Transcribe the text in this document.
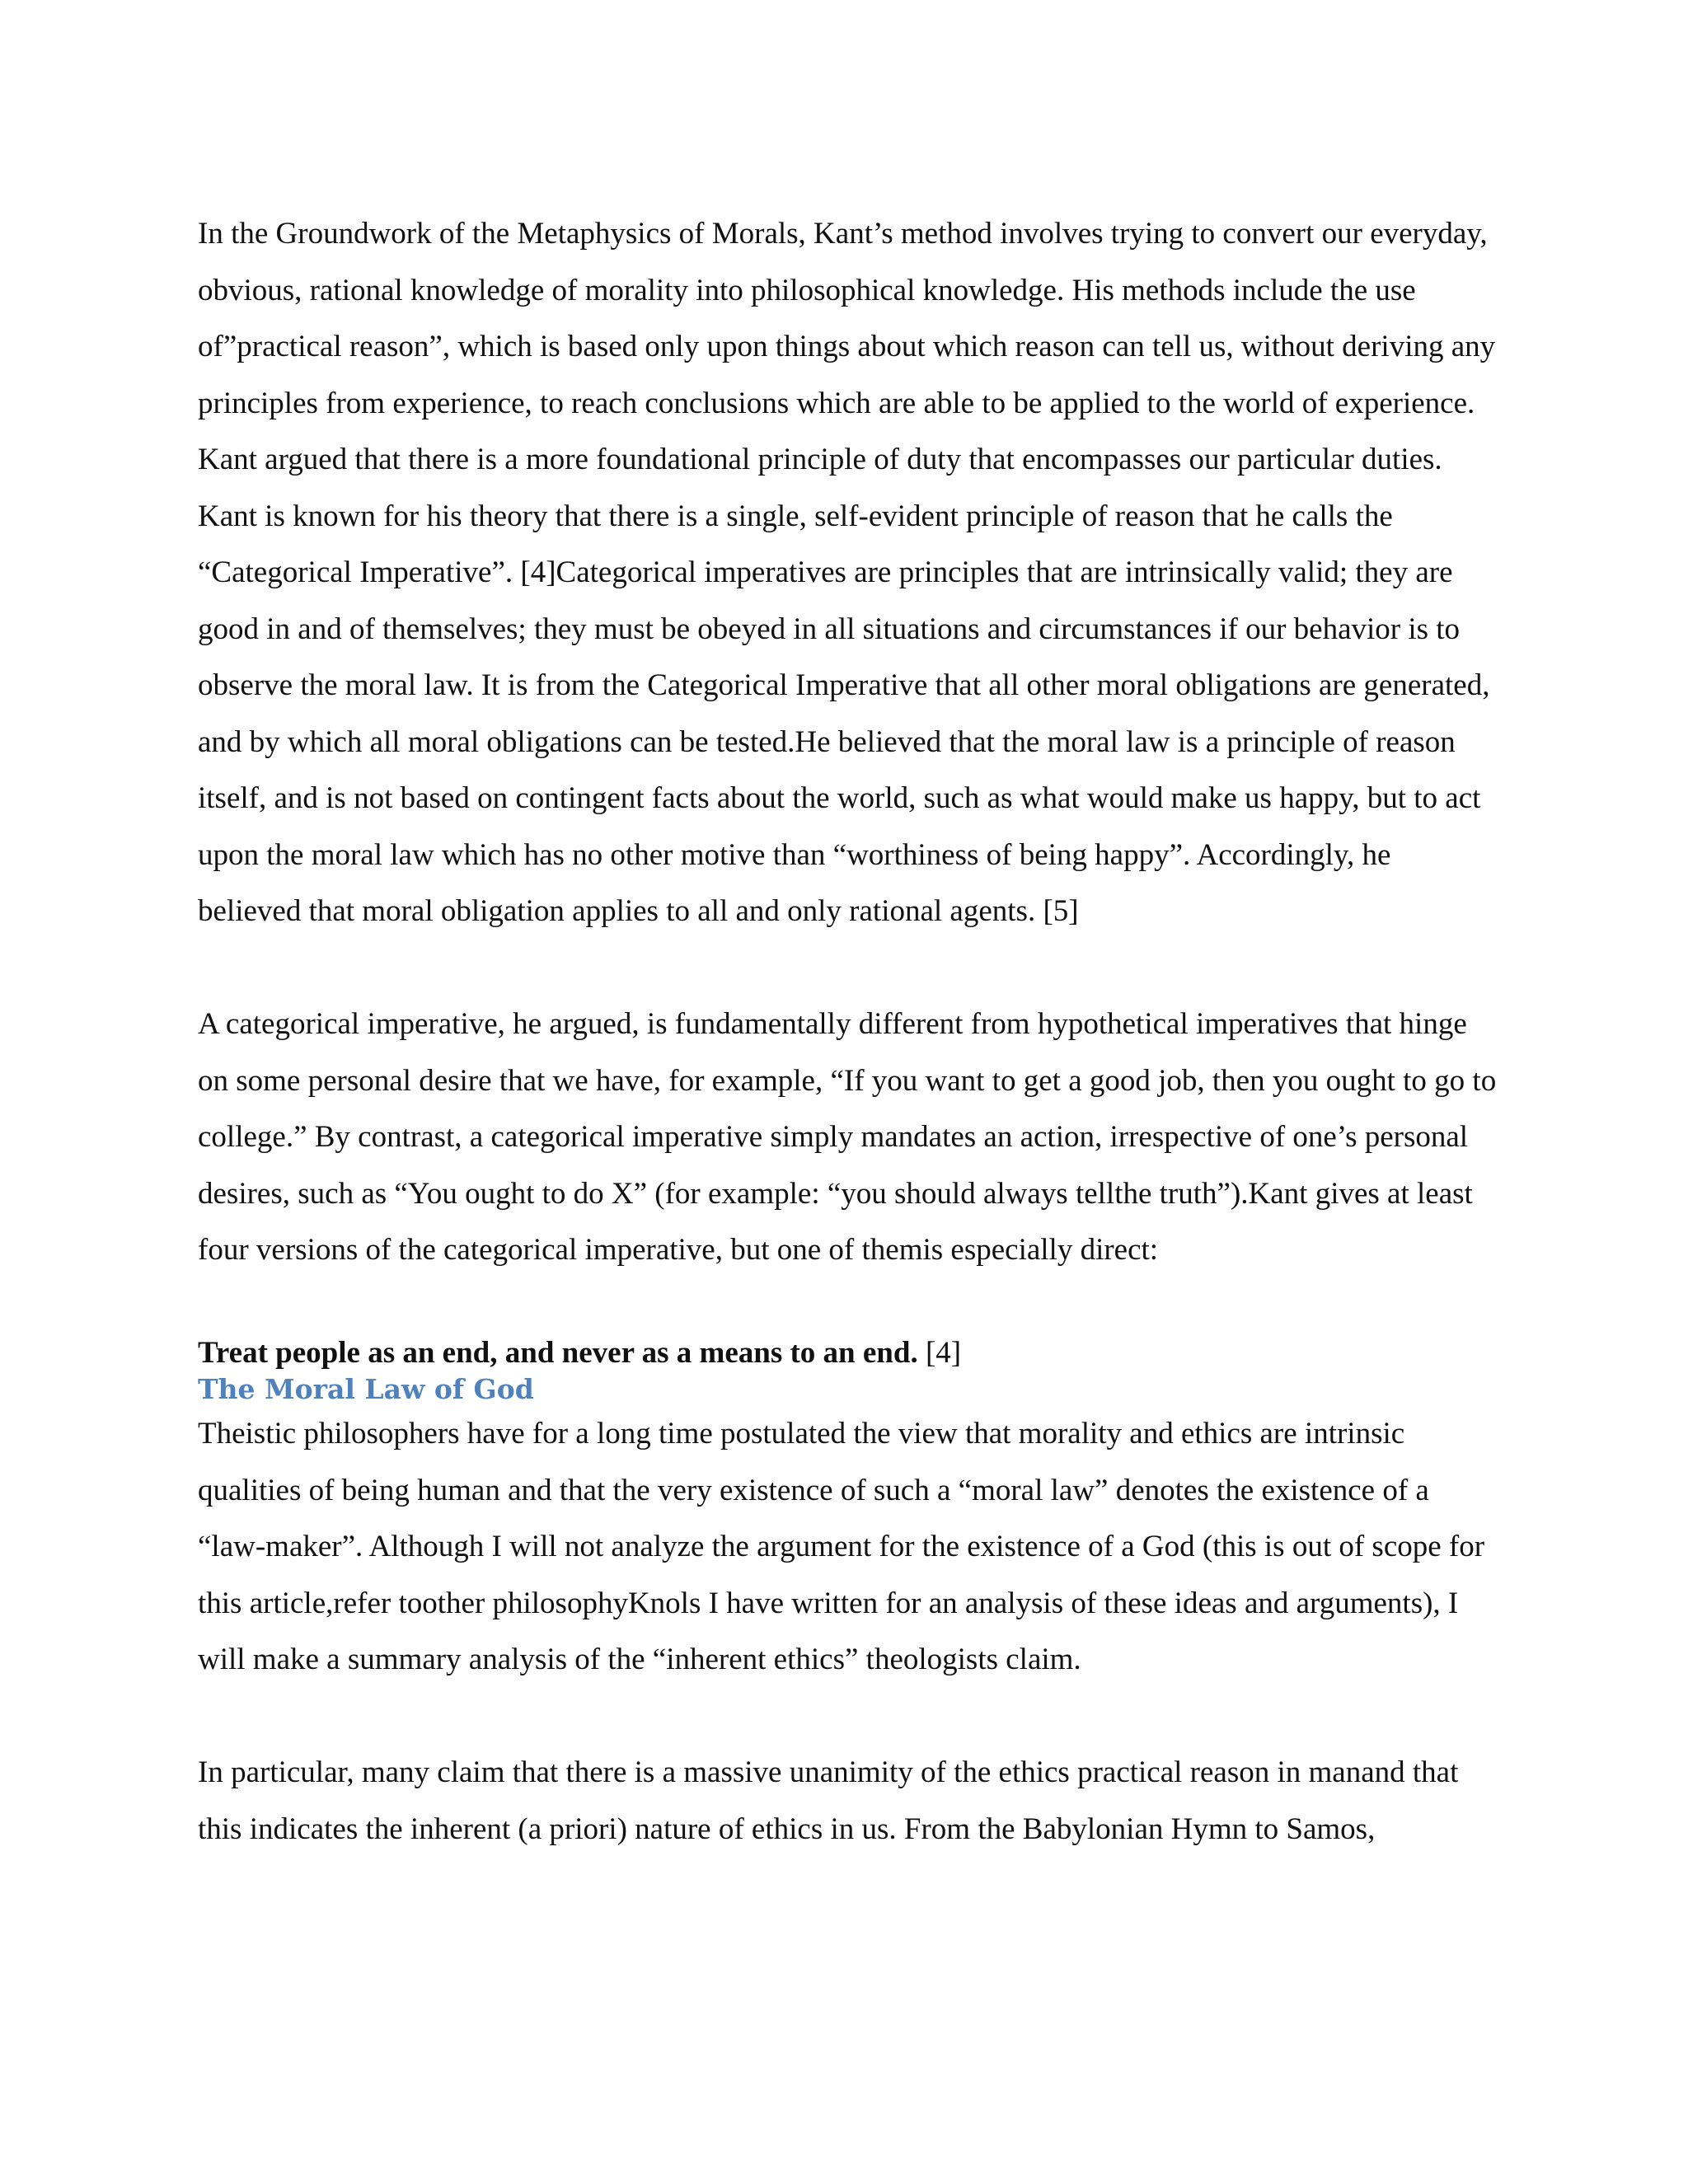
In the Groundwork of the Metaphysics of Morals, Kant’s method involves trying to convert our everyday, obvious, rational knowledge of morality into philosophical knowledge. His methods include the use of”practical reason”, which is based only upon things about which reason can tell us, without deriving any principles from experience, to reach conclusions which are able to be applied to the world of experience. Kant argued that there is a more foundational principle of duty that encompasses our particular duties. Kant is known for his theory that there is a single, self-evident principle of reason that he calls the “Categorical Imperative”. [4]Categorical imperatives are principles that are intrinsically valid; they are good in and of themselves; they must be obeyed in all situations and circumstances if our behavior is to observe the moral law. It is from the Categorical Imperative that all other moral obligations are generated, and by which all moral obligations can be tested.He believed that the moral law is a principle of reason itself, and is not based on contingent facts about the world, such as what would make us happy, but to act upon the moral law which has no other motive than “worthiness of being happy”. Accordingly, he believed that moral obligation applies to all and only rational agents. [5]

A categorical imperative, he argued, is fundamentally different from hypothetical imperatives that hinge on some personal desire that we have, for example, “If you want to get a good job, then you ought to go to college.” By contrast, a categorical imperative simply mandates an action, irrespective of one’s personal desires, such as “You ought to do X” (for example: “you should always tellthe truth”).Kant gives at least four versions of the categorical imperative, but one of themis especially direct:

Treat people as an end, and never as a means to an end. [4]

The Moral Law of God

Theistic philosophers have for a long time postulated the view that morality and ethics are intrinsic qualities of being human and that the very existence of such a “moral law” denotes the existence of a “law-maker”. Although I will not analyze the argument for the existence of a God (this is out of scope for this article,refer toother philosophyKnols I have written for an analysis of these ideas and arguments), I will make a summary analysis of the “inherent ethics” theologists claim.

In particular, many claim that there is a massive unanimity of the ethics practical reason in manand that this indicates the inherent (a priori) nature of ethics in us. From the Babylonian Hymn to Samos,
